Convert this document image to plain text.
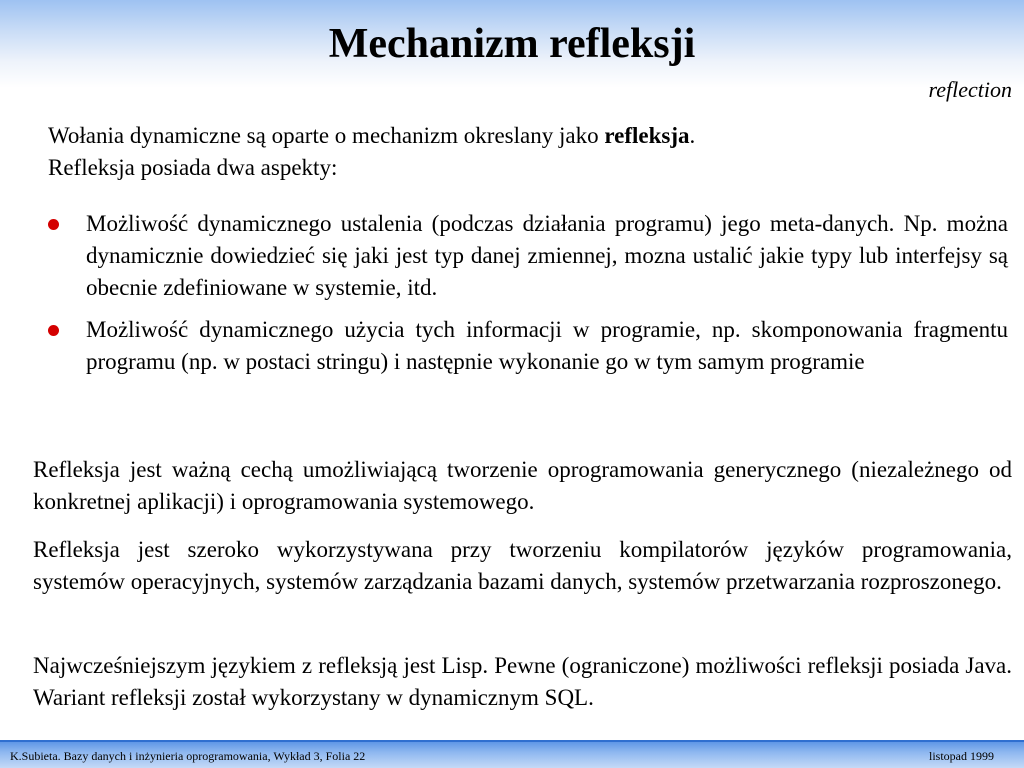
Mechanizm refleksji
reflection

Wołania dynamiczne są oparte o mechanizm okreslany jako refleksja.

Refleksja posiada dwa aspekty:

Możliwość dynamicznego ustalenia (podczas działania programu) jego meta-danych. Np. można dynamicznie dowiedzieć się jaki jest typ danej zmiennej, mozna ustalić jakie typy lub interfejsy są obecnie zdefiniowane w systemie, itd.
Możliwość dynamicznego użycia tych informacji w programie, np. skomponowania fragmentu programu (np. w postaci stringu) i następnie wykonanie go w tym samym programie

Refleksja jest ważną cechą umożliwiającą tworzenie oprogramowania generycznego (niezależnego od konkretnej aplikacji) i oprogramowania systemowego.

Refleksja jest szeroko wykorzystywana przy tworzeniu kompilatorów języków programowania, systemów operacyjnych, systemów zarządzania bazami danych, systemów przetwarzania rozproszonego.

Najwcześniejszym językiem z refleksją jest Lisp. Pewne (ograniczone) możliwości refleksji posiada Java. Wariant refleksji został wykorzystany w dynamicznym SQL.

K.Subieta. Bazy danych i inżynieria oprogramowania, Wykład 3, Folia 22	listopad 1999
